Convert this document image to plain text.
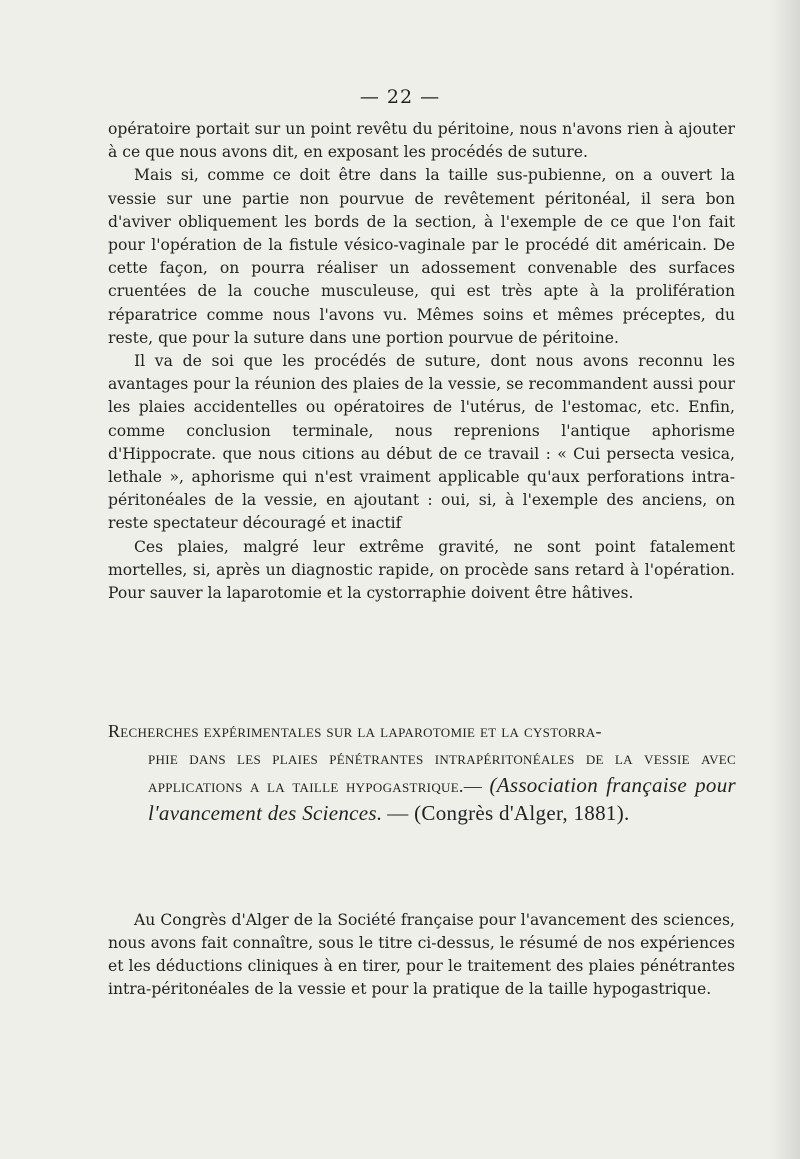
— 22 —

opératoire portait sur un point revêtu du péritoine, nous n'avons rien à ajouter à ce que nous avons dit, en exposant les procédés de suture.

Mais si, comme ce doit être dans la taille sus-pubienne, on a ouvert la vessie sur une partie non pourvue de revêtement péritonéal, il sera bon d'aviver obliquement les bords de la section, à l'exemple de ce que l'on fait pour l'opération de la fistule vésico-vaginale par le procédé dit américain. De cette façon, on pourra réaliser un adossement convenable des surfaces cruentées de la couche musculeuse, qui est très apte à la prolifération réparatrice comme nous l'avons vu. Mêmes soins et mêmes préceptes, du reste, que pour la suture dans une portion pourvue de péritoine.

Il va de soi que les procédés de suture, dont nous avons reconnu les avantages pour la réunion des plaies de la vessie, se recommandent aussi pour les plaies accidentelles ou opératoires de l'utérus, de l'estomac, etc. Enfin, comme conclusion terminale, nous reprenions l'antique aphorisme d'Hippocrate. que nous citions au début de ce travail : « Cui persecta vesica, lethale », aphorisme qui n'est vraiment applicable qu'aux perforations intra-péritonéales de la vessie, en ajoutant : oui, si, à l'exemple des anciens, on reste spectateur découragé et inactif

Ces plaies, malgré leur extrême gravité, ne sont point fatalement mortelles, si, après un diagnostic rapide, on procède sans retard à l'opération. Pour sauver la laparotomie et la cystorraphie doivent être hâtives.

Recherches expérimentales sur la laparotomie et la cystorra-
phie dans les plaies pénétrantes intrapéritonéales de la vessie avec applications a la taille hypogastrique.— (Association française pour l'avancement des Sciences. — (Congrès d'Alger, 1881).

Au Congrès d'Alger de la Société française pour l'avancement des sciences, nous avons fait connaître, sous le titre ci-dessus, le résumé de nos expériences et les déductions cliniques à en tirer, pour le traitement des plaies pénétrantes intra-péritonéales de la vessie et pour la pratique de la taille hypogastrique.
